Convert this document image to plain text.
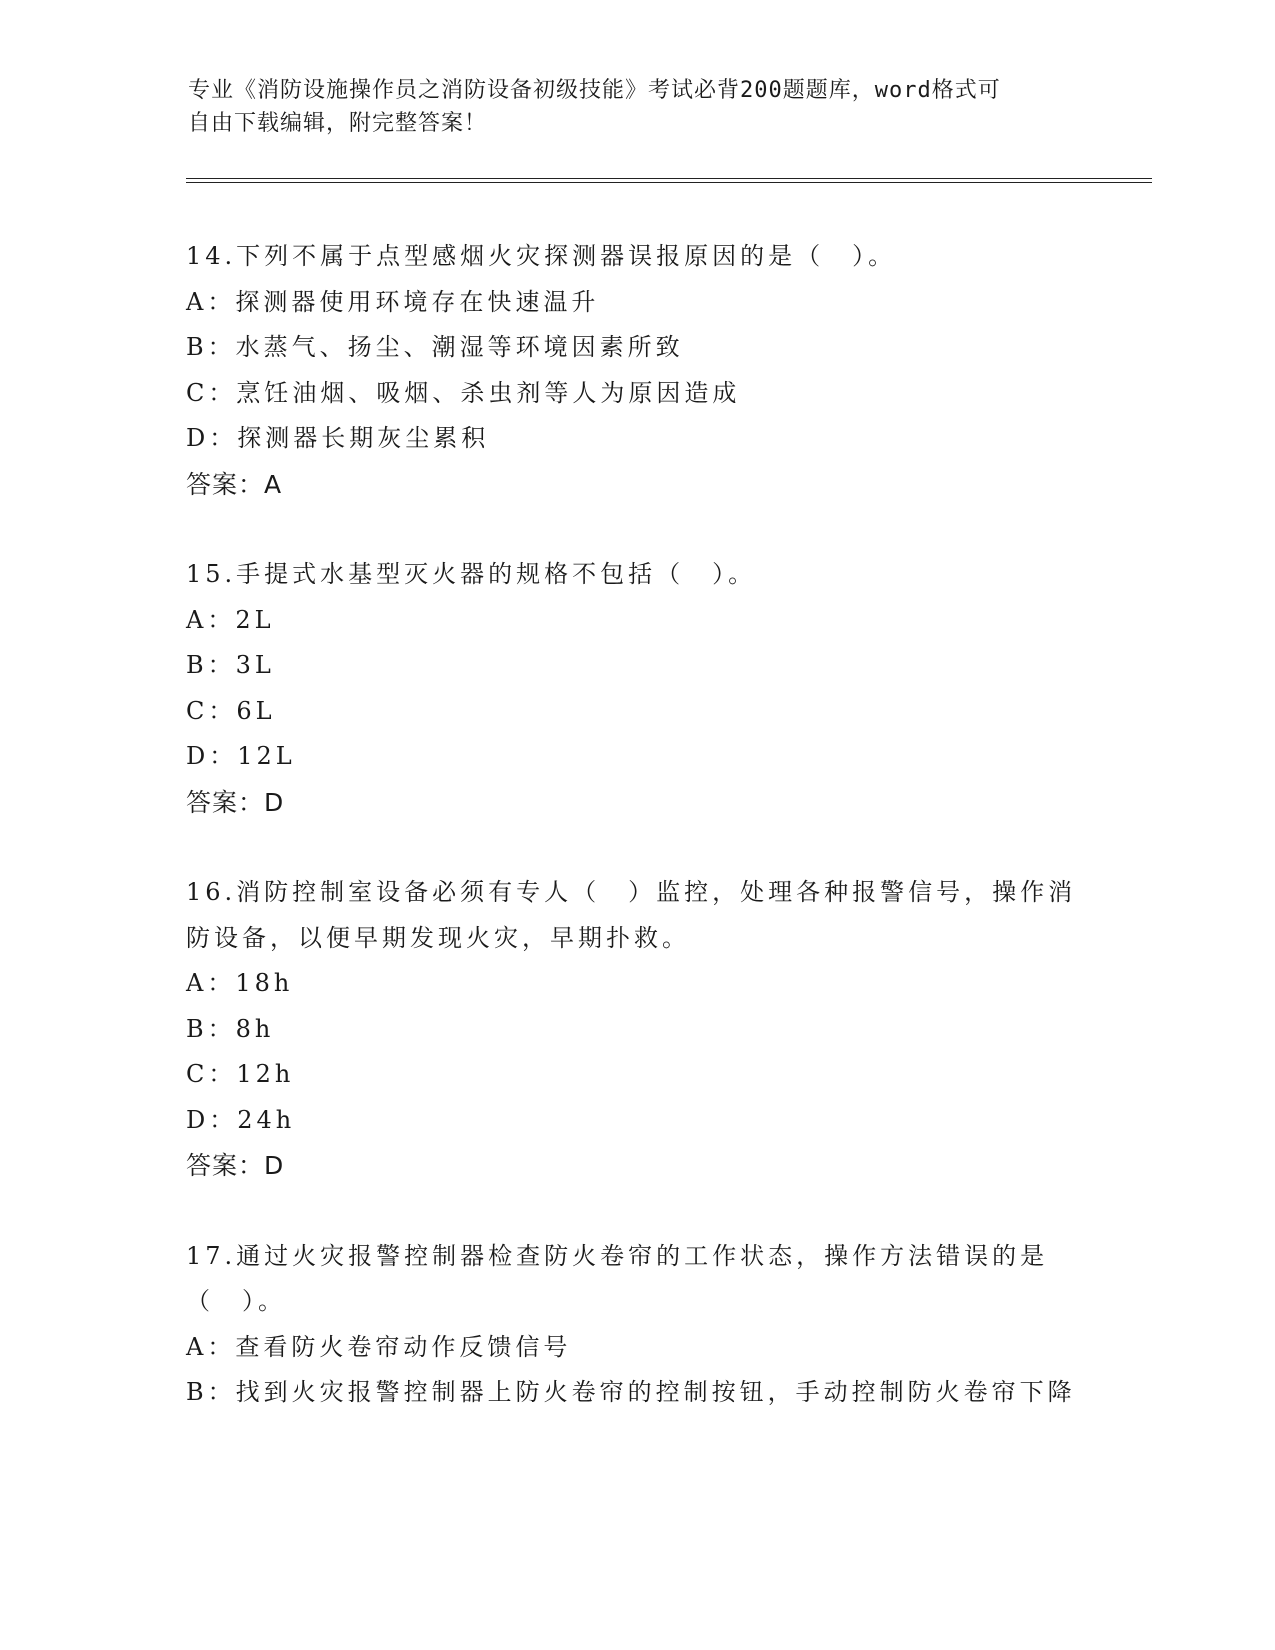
专业《消防设施操作员之消防设备初级技能》考试必背200题题库，word格式可
自由下载编辑，附完整答案！

14.下列不属于点型感烟火灾探测器误报原因的是（　）。

A：探测器使用环境存在快速温升

B：水蒸气、扬尘、潮湿等环境因素所致

C：烹饪油烟、吸烟、杀虫剂等人为原因造成

D：探测器长期灰尘累积

答案：A

15.手提式水基型灭火器的规格不包括（　）。

A：2L

B：3L

C：6L

D：12L

答案：D

16.消防控制室设备必须有专人（　）监控，处理各种报警信号，操作消防设备，以便早期发现火灾，早期扑救。

A：18h

B：8h

C：12h

D：24h

答案：D

17.通过火灾报警控制器检查防火卷帘的工作状态，操作方法错误的是（　）。

A：查看防火卷帘动作反馈信号

B：找到火灾报警控制器上防火卷帘的控制按钮，手动控制防火卷帘下降
